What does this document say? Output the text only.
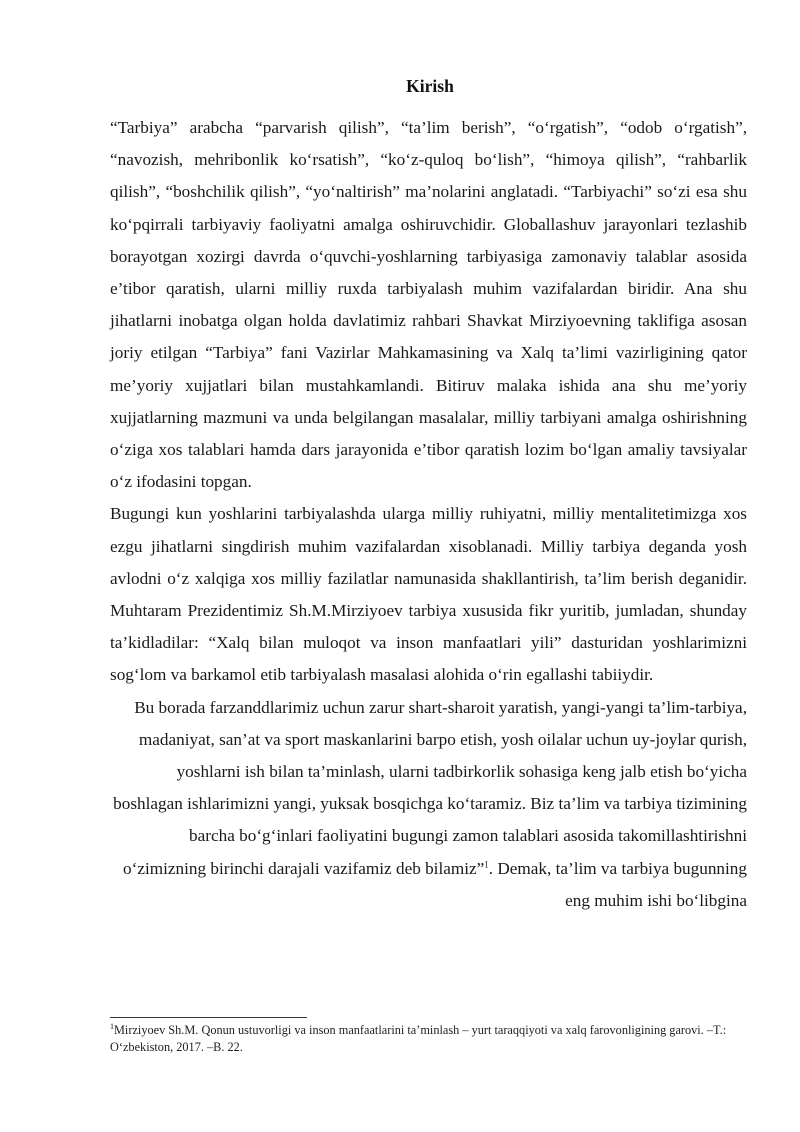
Kirish

“Tarbiya” arabcha “parvarish qilish”, “ta’lim berish”, “o‘rgatish”, “odob o‘rgatish”, “navozish, mehribonlik ko‘rsatish”, “ko‘z-quloq bo‘lish”, “himoya qilish”, “rahbarlik qilish”, “boshchilik qilish”, “yo‘naltirish” ma’nolarini anglatadi. “Tarbiyachi” so‘zi esa shu ko‘pqirrali tarbiyaviy faoliyatni amalga oshiruvchidir. Globallashuv jarayonlari tezlashib borayotgan xozirgi davrda o‘quvchi-yoshlarning tarbiyasiga zamonaviy talablar asosida e’tibor qaratish, ularni milliy ruxda tarbiyalash muhim vazifalardan biridir. Ana shu jihatlarni inobatga olgan holda davlatimiz rahbari Shavkat Mirziyoevning taklifiga asosan joriy etilgan “Tarbiya” fani Vazirlar Mahkamasining va Xalq ta’limi vazirligining qator me’yoriy xujjatlari bilan mustahkamlandi. Bitiruv malaka ishida ana shu me’yoriy xujjatlarning mazmuni va unda belgilangan masalalar, milliy tarbiyani amalga oshirishning o‘ziga xos talablari hamda dars jarayonida e’tibor qaratish lozim bo‘lgan amaliy tavsiyalar o‘z ifodasini topgan.

Bugungi kun yoshlarini tarbiyalashda ularga milliy ruhiyatni, milliy mentalitetimizga xos ezgu jihatlarni singdirish muhim vazifalardan xisoblanadi. Milliy tarbiya deganda yosh avlodni o‘z xalqiga xos milliy fazilatlar namunasida shakllantirish, ta’lim berish deganidir. Muhtaram Prezidentimiz Sh.M.Mirziyoev tarbiya xususida fikr yuritib, jumladan, shunday ta’kidladilar: “Xalq bilan muloqot va inson manfaatlari yili” dasturidan yoshlarimizni sog‘lom va barkamol etib tarbiyalash masalasi alohida o‘rin egallashi tabiiydir.

Bu borada farzanddlarimiz uchun zarur shart-sharoit yaratish, yangi-yangi ta’lim-tarbiya, madaniyat, san’at va sport maskanlarini barpo etish, yosh oilalar uchun uy-joylar qurish, yoshlarni ish bilan ta’minlash, ularni tadbirkorlik sohasiga keng jalb etish bo‘yicha boshlagan ishlarimizni yangi, yuksak bosqichga ko‘taramiz. Biz ta’lim va tarbiya tizimining barcha bo‘g‘inlari faoliyatini bugungi zamon talablari asosida takomillashtirishni o‘zimizning birinchi darajali vazifamiz deb bilamiz”$^1$. Demak, ta’lim va tarbiya bugunning eng muhim ishi bo‘libgina

$^1$Mirziyoev Sh.M. Qonun ustuvorligi va inson manfaatlarini ta’minlash – yurt taraqqiyoti va xalq farovonligining garovi. –T.: O‘zbekiston, 2017. –B. 22.
